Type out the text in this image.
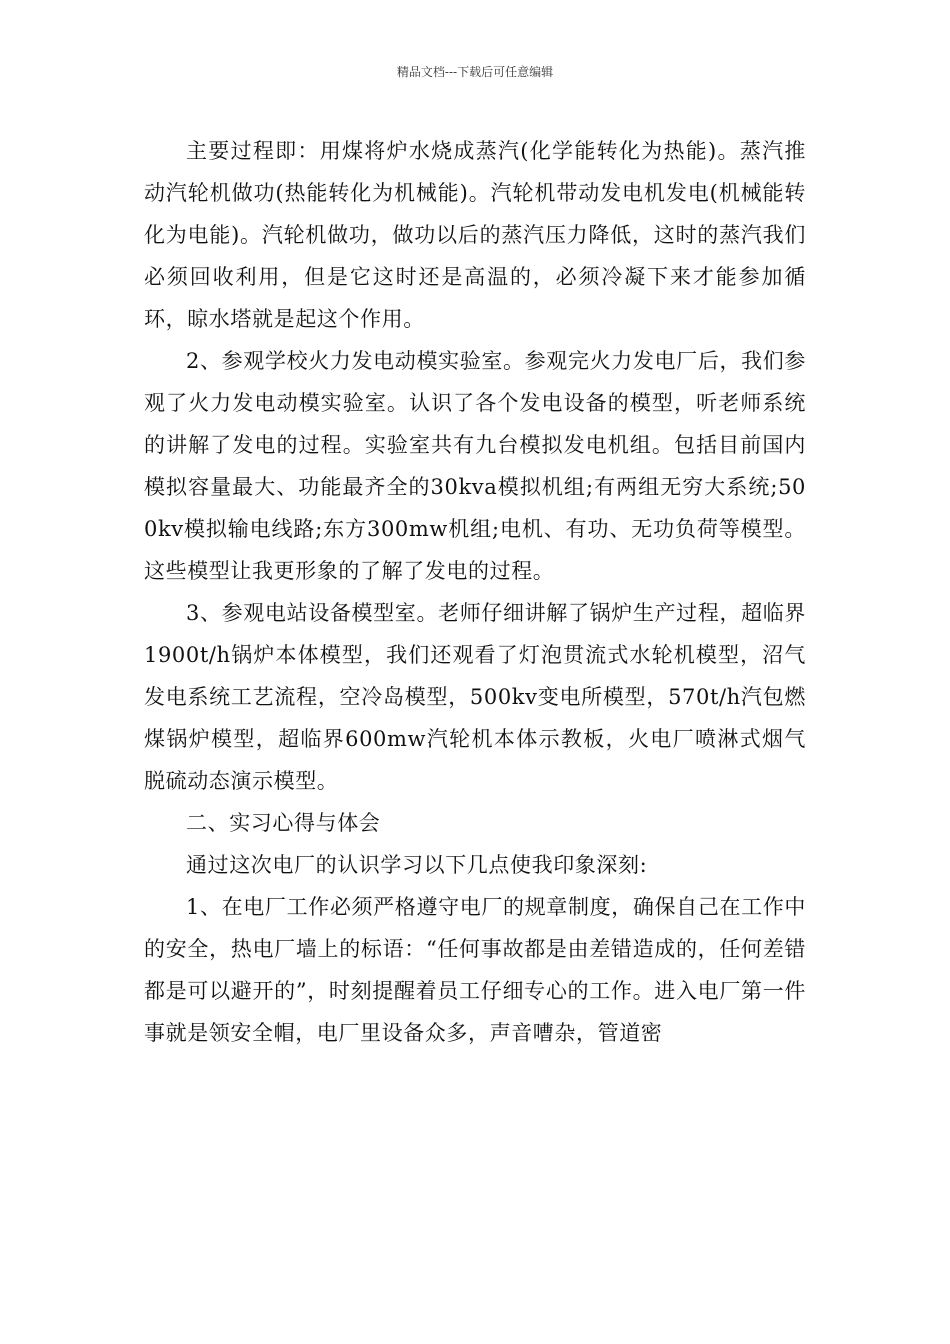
精品文档---下载后可任意编辑

主要过程即：用煤将炉水烧成蒸汽(化学能转化为热能)。蒸汽推动汽轮机做功(热能转化为机械能)。汽轮机带动发电机发电(机械能转化为电能)。汽轮机做功，做功以后的蒸汽压力降低，这时的蒸汽我们必须回收利用，但是它这时还是高温的，必须冷凝下来才能参加循环，晾水塔就是起这个作用。

2、参观学校火力发电动模实验室。参观完火力发电厂后，我们参观了火力发电动模实验室。认识了各个发电设备的模型，听老师系统的讲解了发电的过程。实验室共有九台模拟发电机组。包括目前国内模拟容量最大、功能最齐全的30kva模拟机组;有两组无穷大系统;500kv模拟输电线路;东方300mw机组;电机、有功、无功负荷等模型。这些模型让我更形象的了解了发电的过程。

3、参观电站设备模型室。老师仔细讲解了锅炉生产过程，超临界1900t/h锅炉本体模型，我们还观看了灯泡贯流式水轮机模型，沼气发电系统工艺流程，空冷岛模型，500kv变电所模型，570t/h汽包燃煤锅炉模型，超临界600mw汽轮机本体示教板，火电厂喷淋式烟气脱硫动态演示模型。

二、实习心得与体会

通过这次电厂的认识学习以下几点使我印象深刻:

1、在电厂工作必须严格遵守电厂的规章制度，确保自己在工作中的安全，热电厂墙上的标语：“任何事故都是由差错造成的，任何差错都是可以避开的”，时刻提醒着员工仔细专心的工作。进入电厂第一件事就是领安全帽，电厂里设备众多，声音嘈杂，管道密
